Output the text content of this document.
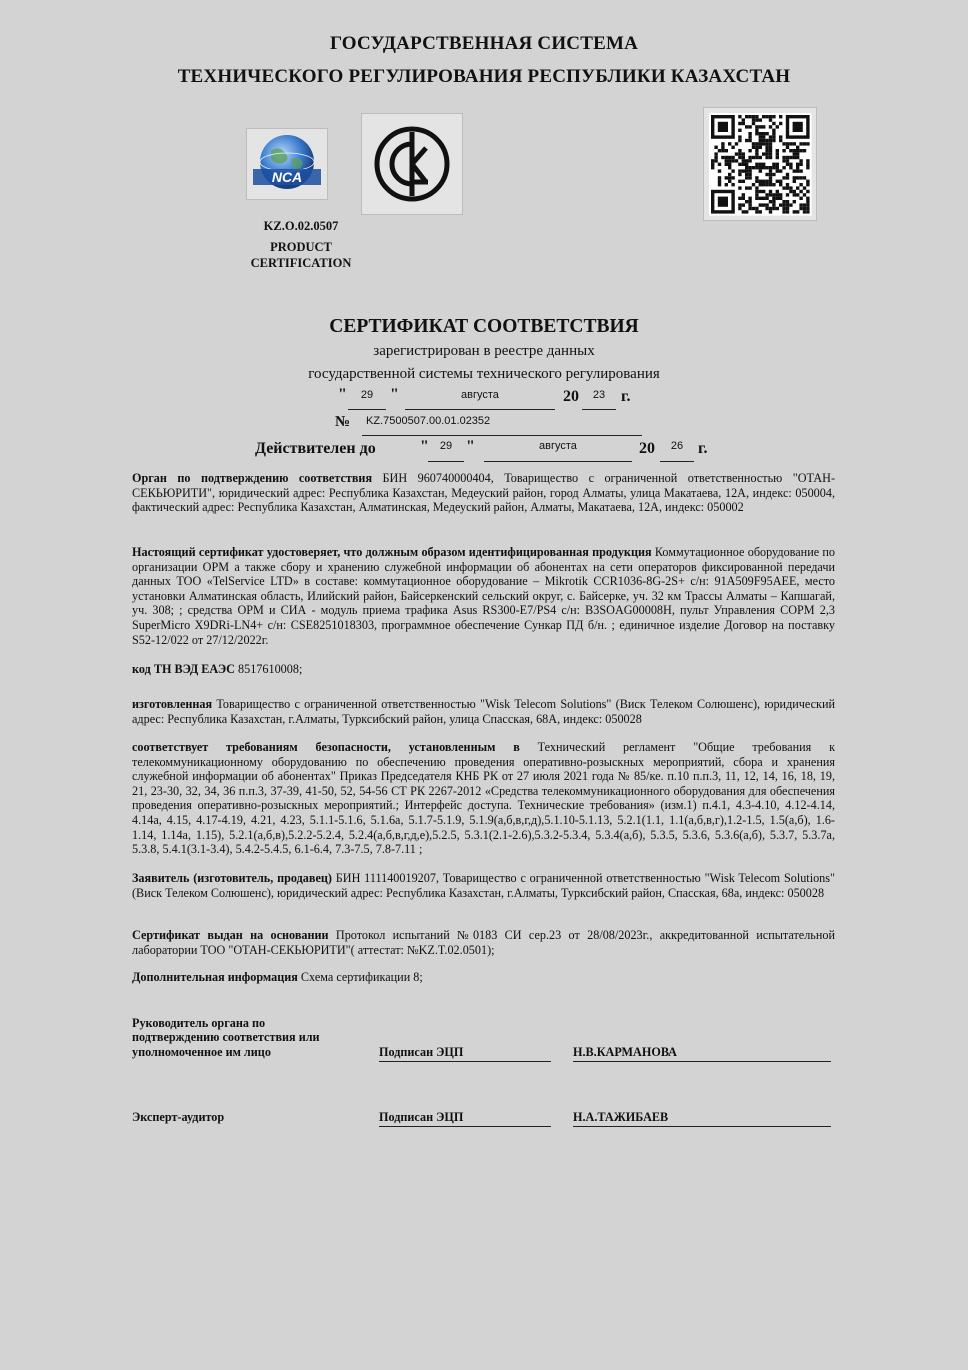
ГОСУДАРСТВЕННАЯ СИСТЕМА
ТЕХНИЧЕСКОГО РЕГУЛИРОВАНИЯ РЕСПУБЛИКИ КАЗАХСТАН
NCA
KZ.O.02.0507
PRODUCT
CERTIFICATION
СЕРТИФИКАТ СООТВЕТСТВИЯ
зарегистрирован в реестре данных
государственной системы технического регулирования
"	29	"	августа	20	23 г.
№	KZ.7500507.00.01.02352
Действителен до	" 29 "	августа	20	26 г.
Орган по подтверждению соответствия БИН 960740000404, Товарищество с ограниченной ответственностью "ОТАН-СЕКЬЮРИТИ", юридический адрес: Республика Казахстан, Медеуский район, город Алматы, улица Макатаева, 12А, индекс: 050004, фактический адрес: Республика Казахстан, Алматинская, Медеуский район, Алматы, Макатаева, 12А, индекс: 050002
Настоящий сертификат удостоверяет, что должным образом идентифицированная продукция Коммутационное оборудование по организации ОРМ а также сбору и хранению служебной информации об абонентах на сети операторов фиксированной передачи данных ТОО «TelService LTD» в составе: коммутационное оборудование – Mikrotik CCR1036-8G-2S+ с/н: 91A509F95AEE, место установки Алматинская область, Илийский район, Байсеркенский сельский округ, с. Байсерке, уч. 32 км Трассы Алматы – Капшагай, уч. 308; ; средства ОРМ и СИА - модуль приема трафика Asus RS300-E7/PS4 с/н: B3SOAG00008H, пульт Управления СОРМ 2,3 SuperMicro X9DRi-LN4+ с/н: CSE8251018303, программное обеспечение Сункар ПД б/н. ; единичное изделие Договор на поставку S52-12/022 от 27/12/2022г.
код ТН ВЭД ЕАЭС 8517610008;
изготовленная Товарищество с ограниченной ответственностью "Wisk Telecom Solutions" (Виск Телеком Солюшенс), юридический адрес: Республика Казахстан, г.Алматы, Турксибский район, улица Спасская, 68А, индекс: 050028
соответствует требованиям безопасности, установленным в Технический регламент "Общие требования к телекоммуникационному оборудованию по обеспечению проведения оперативно-розыскных мероприятий, сбора и хранения служебной информации об абонентах" Приказ Председателя КНБ РК от 27 июля 2021 года № 85/ке. п.10 п.п.3, 11, 12, 14, 16, 18, 19, 21, 23-30, 32, 34, 36 п.п.3, 37-39, 41-50, 52, 54-56 СТ РК 2267-2012 «Средства телекоммуникационного оборудования для обеспечения проведения оперативно-розыскных мероприятий.; Интерфейс доступа. Технические требования» (изм.1) п.4.1, 4.3-4.10, 4.12-4.14, 4.14а, 4.15, 4.17-4.19, 4.21, 4.23, 5.1.1-5.1.6, 5.1.6а, 5.1.7-5.1.9, 5.1.9(а,б,в,г,д),5.1.10-5.1.13, 5.2.1(1.1, 1.1(а,б,в,г),1.2-1.5, 1.5(а,б), 1.6-1.14, 1.14а, 1.15), 5.2.1(а,б,в),5.2.2-5.2.4, 5.2.4(а,б,в,г,д,е),5.2.5, 5.3.1(2.1-2.6),5.3.2-5.3.4, 5.3.4(а,б), 5.3.5, 5.3.6, 5.3.6(а,б), 5.3.7, 5.3.7а, 5.3.8, 5.4.1(3.1-3.4), 5.4.2-5.4.5, 6.1-6.4, 7.3-7.5, 7.8-7.11 ;
Заявитель (изготовитель, продавец) БИН 111140019207, Товарищество с ограниченной ответственностью "Wisk Telecom Solutions" (Виск Телеком Солюшенс), юридический адрес: Республика Казахстан, г.Алматы, Турксибский район, Спасская, 68а, индекс: 050028
Сертификат выдан на основании Протокол испытаний №0183 СИ сер.23 от 28/08/2023г., аккредитованной испытательной лаборатории ТОО "ОТАН-СЕКЬЮРИТИ"( аттестат: №KZ.T.02.0501);
Дополнительная информация Схема сертификации 8;
Руководитель органа по
подтверждению соответствия или
уполномоченное им лицо	Подписан ЭЦП	Н.В.КАРМАНОВА
Эксперт-аудитор	Подписан ЭЦП	Н.А.ТАЖИБАЕВ
